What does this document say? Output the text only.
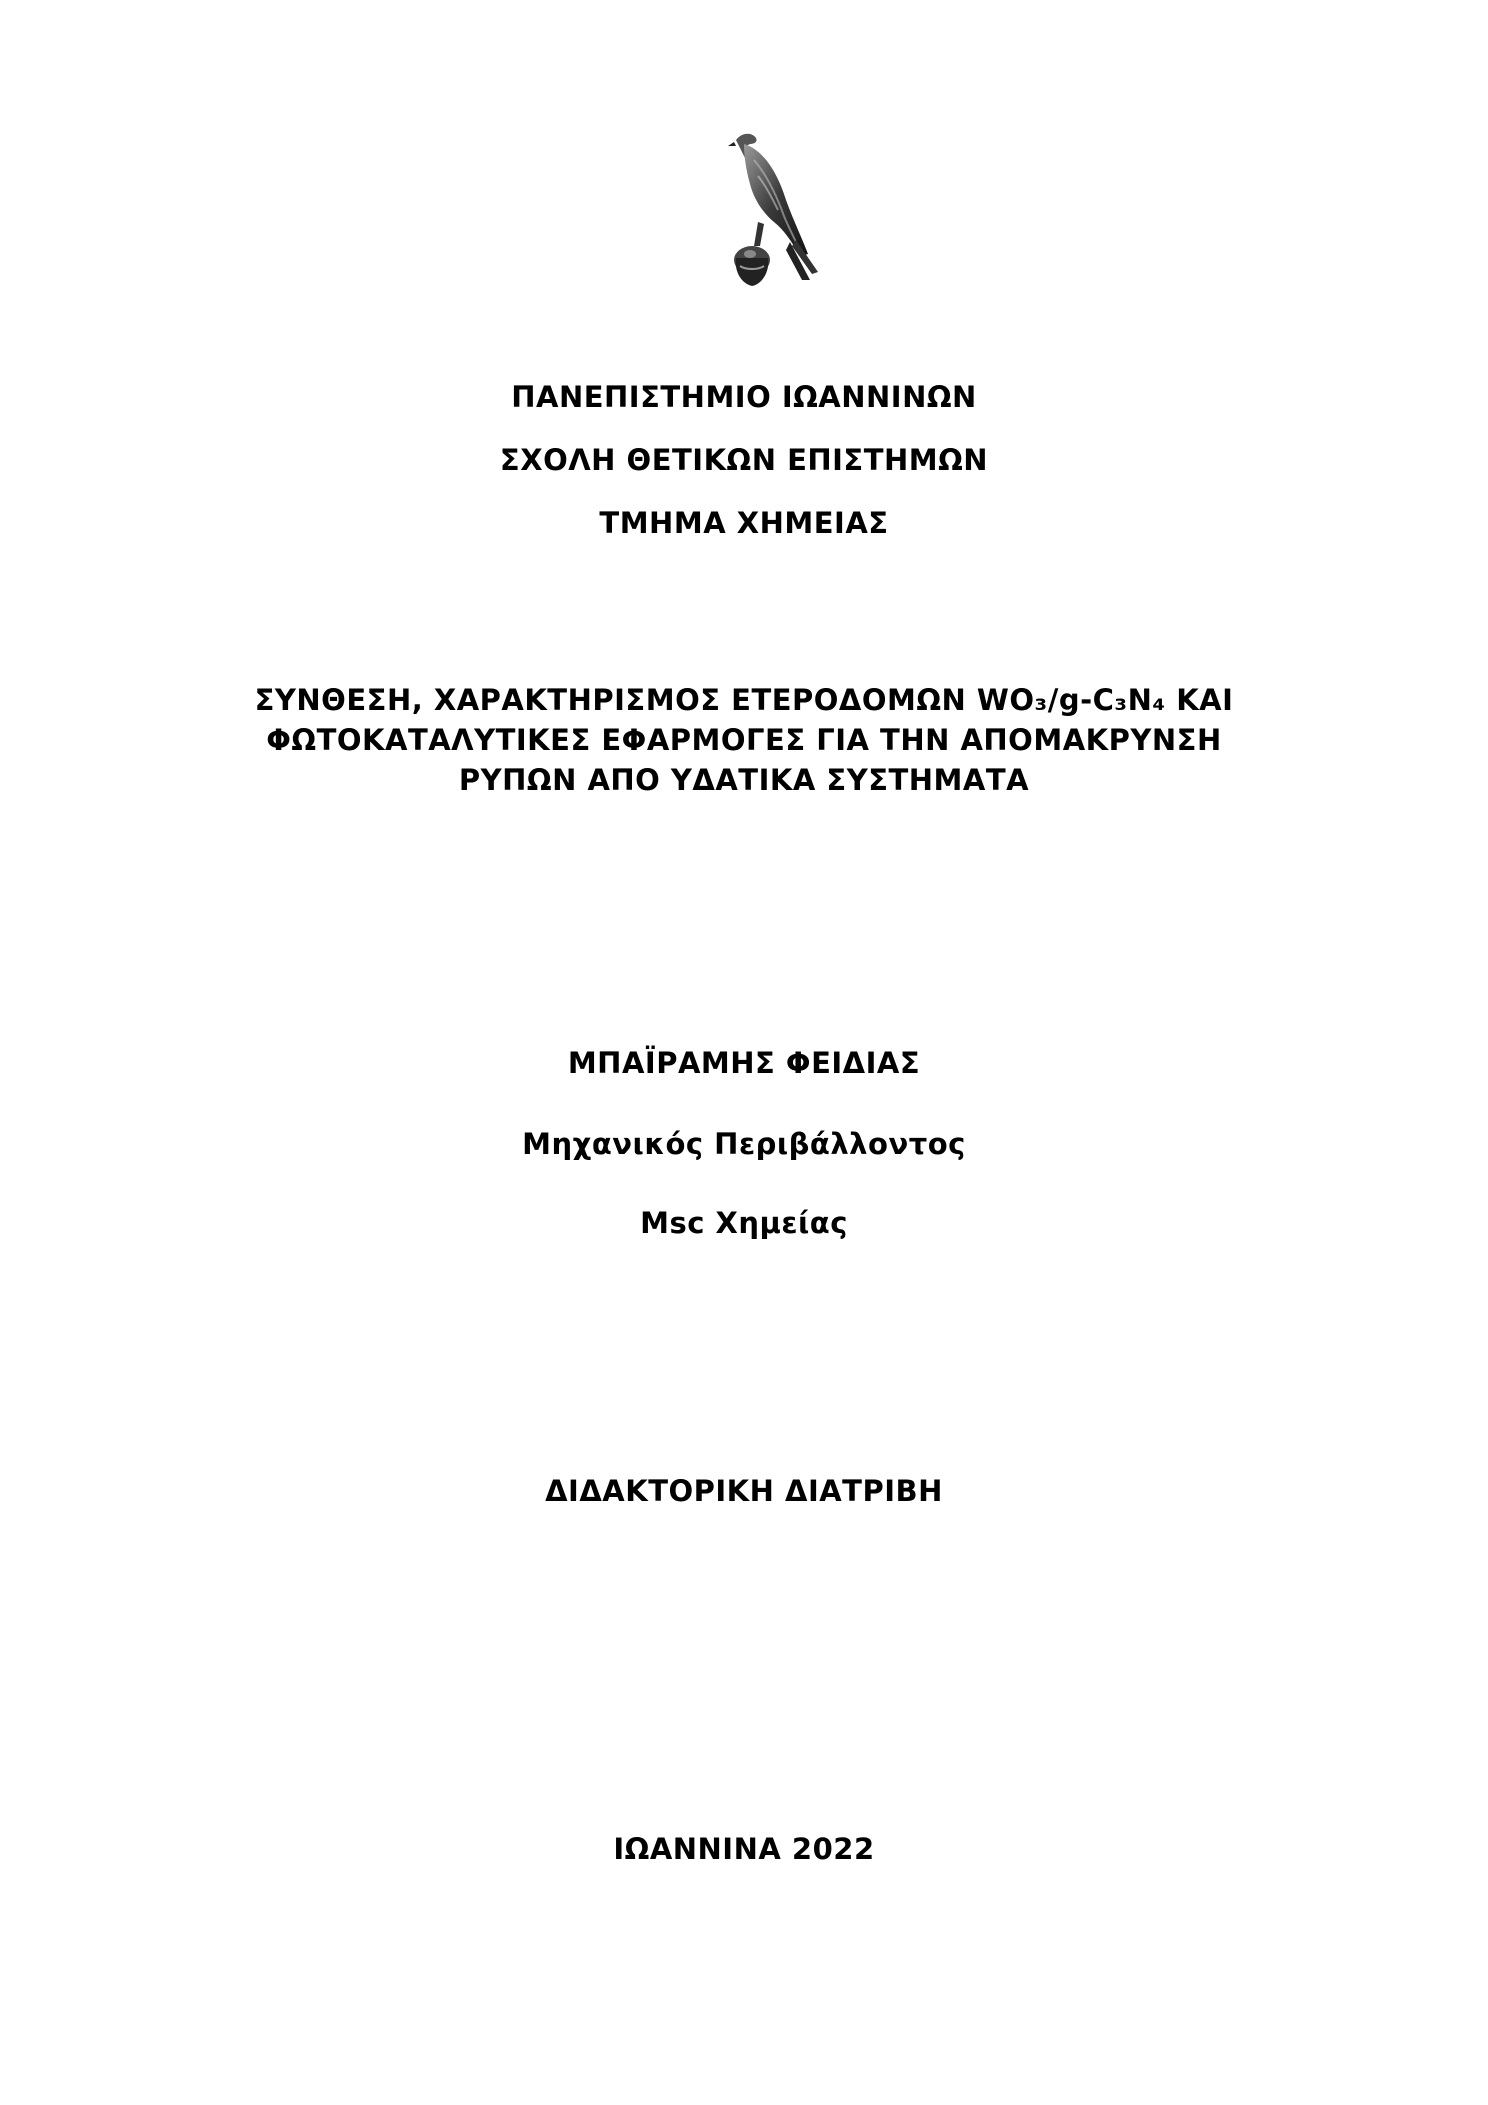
ΠΑΝΕΠΙΣΤΗΜΙΟ ΙΩΑΝΝΙΝΩΝ
ΣΧΟΛΗ ΘΕΤΙΚΩΝ ΕΠΙΣΤΗΜΩΝ
ΤΜΗΜΑ ΧΗΜΕΙΑΣ
ΣΥΝΘΕΣΗ, ΧΑΡΑΚΤΗΡΙΣΜΟΣ ΕΤΕΡΟΔΟΜΩΝ WO₃/g-C₃N₄ ΚΑΙ
ΦΩΤΟΚΑΤΑΛΥΤΙΚΕΣ ΕΦΑΡΜΟΓΕΣ ΓΙΑ ΤΗΝ ΑΠΟΜΑΚΡΥΝΣΗ
ΡΥΠΩΝ ΑΠΟ ΥΔΑΤΙΚΑ ΣΥΣΤΗΜΑΤΑ
ΜΠΑΪΡΑΜΗΣ ΦΕΙΔΙΑΣ
Μηχανικός Περιβάλλοντος
Msc Χημείας
ΔΙΔΑΚΤΟΡΙΚΗ ΔΙΑΤΡΙΒΗ
ΙΩΑΝΝΙΝΑ 2022
